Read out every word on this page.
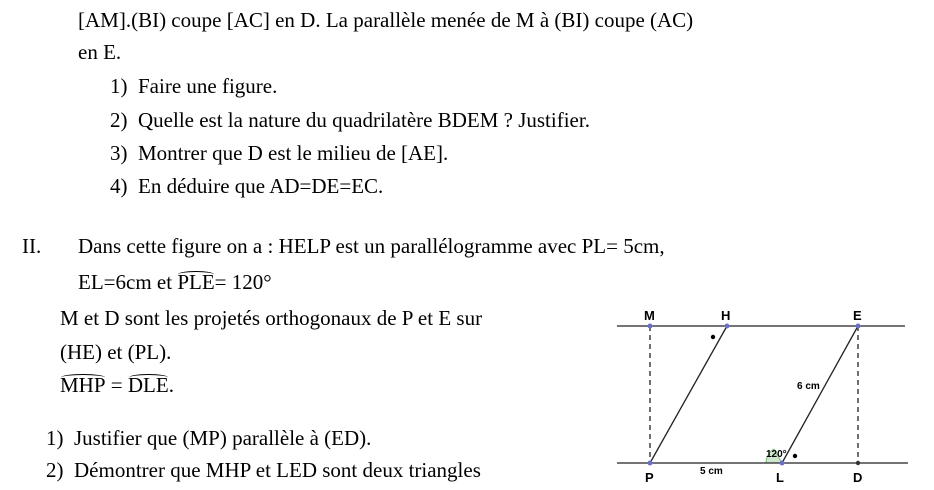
[AM].(BI) coupe [AC] en D. La parallèle menée de M à (BI) coupe (AC)
en E.
1) Faire une figure.
2) Quelle est la nature du quadrilatère BDEM ? Justifier.
3) Montrer que D est le milieu de [AE].
4) En déduire que AD=DE=EC.
II. Dans cette figure on a : HELP est un parallélogramme avec PL= 5cm,
EL=6cm et PLE= 120°
M et D sont les projetés orthogonaux de P et E sur
(HE) et (PL).
MHP = DLE.
1) Justifier que (MP) parallèle à (ED).
2) Démontrer que MHP et LED sont deux triangles
M	H	E
P	L	D
6 cm
5 cm
120°
